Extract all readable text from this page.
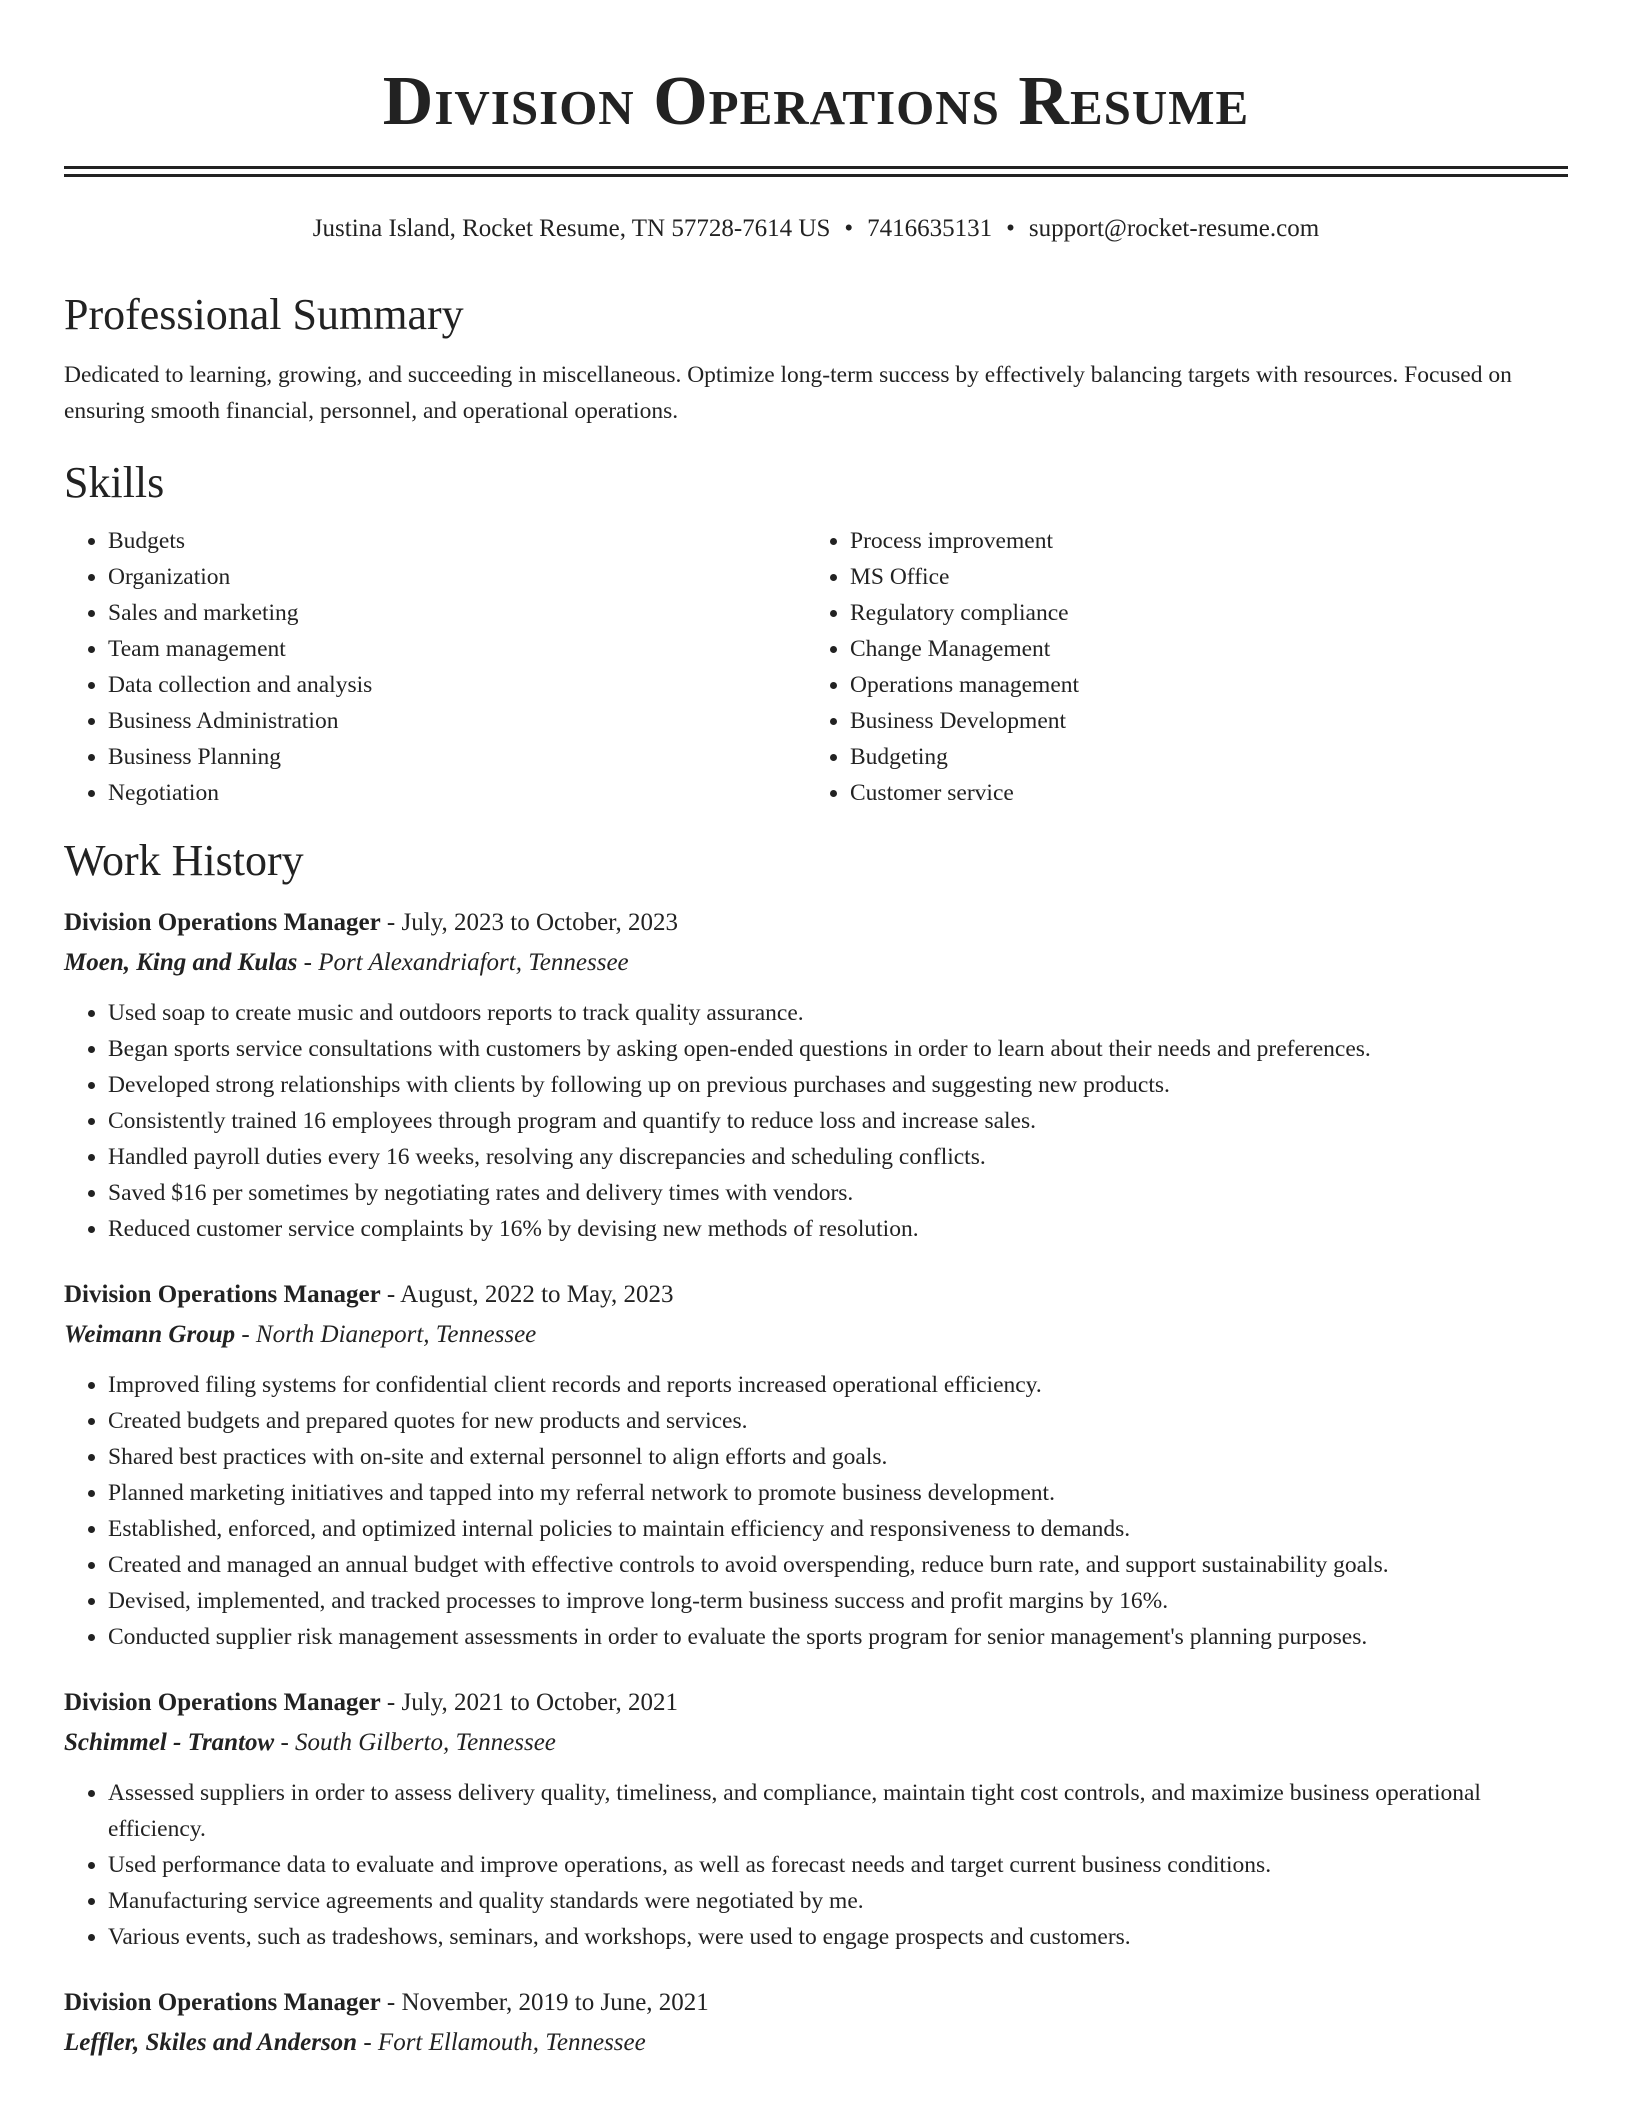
Division Operations Resume
Justina Island, Rocket Resume, TN 57728-7614 US • 7416635131 • support@rocket-resume.com
Professional Summary

Dedicated to learning, growing, and succeeding in miscellaneous. Optimize long-term success by effectively balancing targets with resources. Focused on ensuring smooth financial, personnel, and operational operations.

Skills
• Budgets
• Organization
• Sales and marketing
• Team management
• Data collection and analysis
• Business Administration
• Business Planning
• Negotiation
• Process improvement
• MS Office
• Regulatory compliance
• Change Management
• Operations management
• Business Development
• Budgeting
• Customer service
Work History
Division Operations Manager - July, 2023 to October, 2023
Moen, King and Kulas - Port Alexandriafort, Tennessee
• Used soap to create music and outdoors reports to track quality assurance.
• Began sports service consultations with customers by asking open-ended questions in order to learn about their needs and preferences.
• Developed strong relationships with clients by following up on previous purchases and suggesting new products.
• Consistently trained 16 employees through program and quantify to reduce loss and increase sales.
• Handled payroll duties every 16 weeks, resolving any discrepancies and scheduling conflicts.
• Saved $16 per sometimes by negotiating rates and delivery times with vendors.
• Reduced customer service complaints by 16% by devising new methods of resolution.
Division Operations Manager - August, 2022 to May, 2023
Weimann Group - North Dianeport, Tennessee
• Improved filing systems for confidential client records and reports increased operational efficiency.
• Created budgets and prepared quotes for new products and services.
• Shared best practices with on-site and external personnel to align efforts and goals.
• Planned marketing initiatives and tapped into my referral network to promote business development.
• Established, enforced, and optimized internal policies to maintain efficiency and responsiveness to demands.
• Created and managed an annual budget with effective controls to avoid overspending, reduce burn rate, and support sustainability goals.
• Devised, implemented, and tracked processes to improve long-term business success and profit margins by 16%.
• Conducted supplier risk management assessments in order to evaluate the sports program for senior management's planning purposes.
Division Operations Manager - July, 2021 to October, 2021
Schimmel - Trantow - South Gilberto, Tennessee
• Assessed suppliers in order to assess delivery quality, timeliness, and compliance, maintain tight cost controls, and maximize business operational efficiency.
• Used performance data to evaluate and improve operations, as well as forecast needs and target current business conditions.
• Manufacturing service agreements and quality standards were negotiated by me.
• Various events, such as tradeshows, seminars, and workshops, were used to engage prospects and customers.
Division Operations Manager - November, 2019 to June, 2021
Leffler, Skiles and Anderson - Fort Ellamouth, Tennessee
